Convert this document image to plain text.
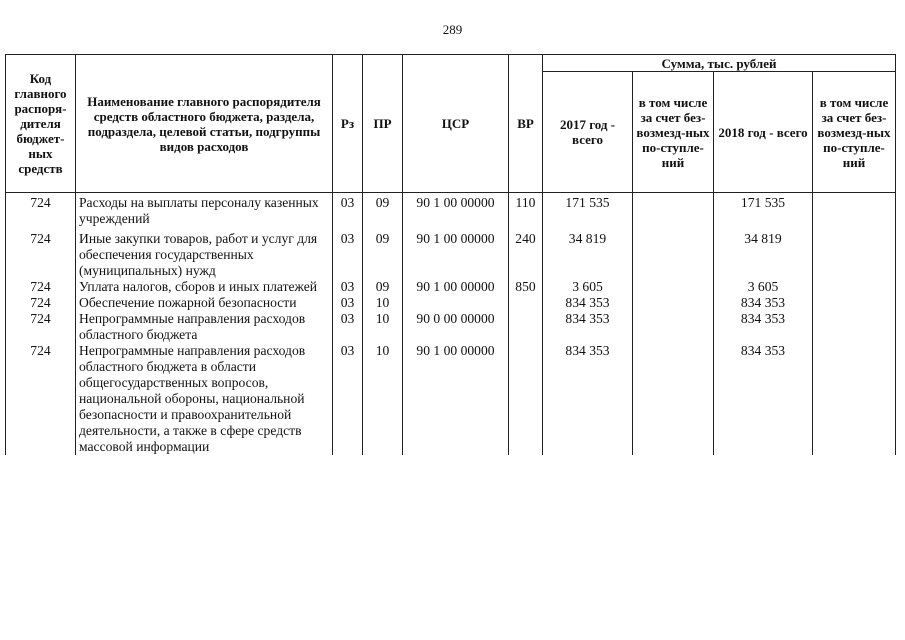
289
Код главного распоря-дителя бюджет-ных средств	Наименование главного распорядителя средств областного бюджета, раздела, подраздела, целевой статьи, подгруппы видов расходов	Рз	ПР	ЦСР	ВР	Сумма, тыс. рублей			
						2017 год - всего	в том числе за счет без-возмезд-ных по-ступле-ний	2018 год - всего	в том числе за счет без-возмезд-ных по-ступле-ний
724	Расходы на выплаты персоналу казенных учреждений	03	09	90 1 00 00000	110	171 535		171 535	
724	Иные закупки товаров, работ и услуг для обеспечения государственных (муниципальных) нужд	03	09	90 1 00 00000	240	34 819		34 819	
724	Уплата налогов, сборов и иных платежей	03	09	90 1 00 00000	850	3 605		3 605	
724	Обеспечение пожарной безопасности	03	10			834 353		834 353	
724	Непрограммные направления расходов областного бюджета	03	10	90 0 00 00000		834 353		834 353	
724	Непрограммные направления расходов областного бюджета в области общегосударственных вопросов, национальной обороны, национальной безопасности и правоохранительной деятельности, а также в сфере средств массовой информации	03	10	90 1 00 00000		834 353		834 353	
